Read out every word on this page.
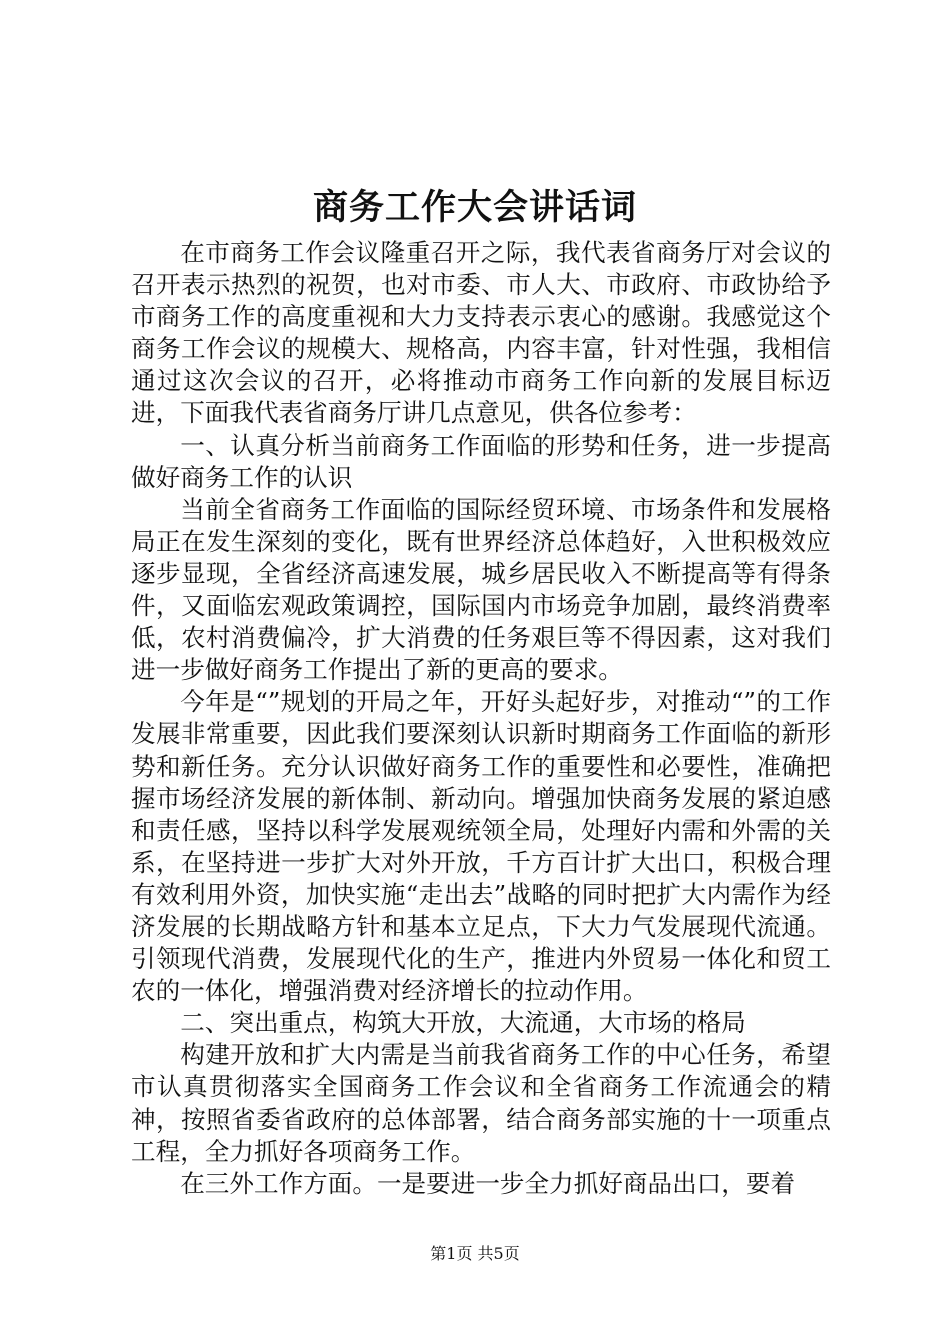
商务工作大会讲话词

在市商务工作会议隆重召开之际，我代表省商务厅对会议的召开表示热烈的祝贺，也对市委、市人大、市政府、市政协给予市商务工作的高度重视和大力支持表示衷心的感谢。我感觉这个商务工作会议的规模大、规格高，内容丰富，针对性强，我相信通过这次会议的召开，必将推动市商务工作向新的发展目标迈进，下面我代表省商务厅讲几点意见，供各位参考：

一、认真分析当前商务工作面临的形势和任务，进一步提高做好商务工作的认识

当前全省商务工作面临的国际经贸环境、市场条件和发展格局正在发生深刻的变化，既有世界经济总体趋好，入世积极效应逐步显现，全省经济高速发展，城乡居民收入不断提高等有得条件，又面临宏观政策调控，国际国内市场竞争加剧，最终消费率低，农村消费偏冷，扩大消费的任务艰巨等不得因素，这对我们进一步做好商务工作提出了新的更高的要求。

今年是“”规划的开局之年，开好头起好步，对推动“”的工作发展非常重要，因此我们要深刻认识新时期商务工作面临的新形势和新任务。充分认识做好商务工作的重要性和必要性，准确把握市场经济发展的新体制、新动向。增强加快商务发展的紧迫感和责任感，坚持以科学发展观统领全局，处理好内需和外需的关系，在坚持进一步扩大对外开放，千方百计扩大出口，积极合理有效利用外资，加快实施“走出去”战略的同时把扩大内需作为经济发展的长期战略方针和基本立足点，下大力气发展现代流通。引领现代消费，发展现代化的生产，推进内外贸易一体化和贸工农的一体化，增强消费对经济增长的拉动作用。

二、突出重点，构筑大开放，大流通，大市场的格局

构建开放和扩大内需是当前我省商务工作的中心任务，希望市认真贯彻落实全国商务工作会议和全省商务工作流通会的精神，按照省委省政府的总体部署，结合商务部实施的十一项重点工程，全力抓好各项商务工作。

在三外工作方面。一是要进一步全力抓好商品出口，要着

第1页 共5页
